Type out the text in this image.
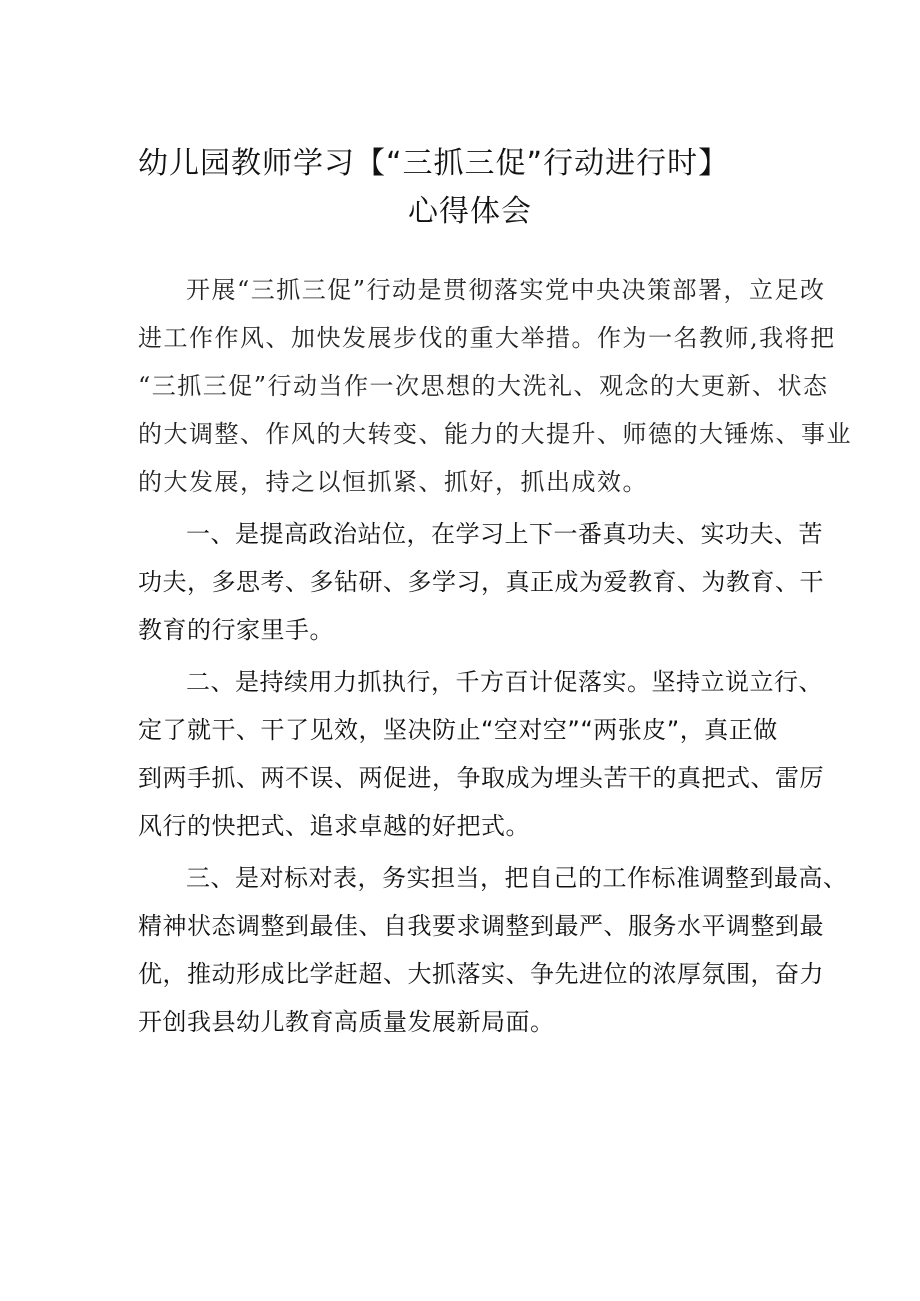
幼儿园教师学习【“三抓三促”行动进行时】
心得体会

开展“三抓三促”行动是贯彻落实党中央决策部署，立足改
进工作作风、加快发展步伐的重大举措。作为一名教师,我将把
“三抓三促”行动当作一次思想的大洗礼、观念的大更新、状态
的大调整、作风的大转变、能力的大提升、师德的大锤炼、事业
的大发展，持之以恒抓紧、抓好，抓出成效。

一、是提高政治站位，在学习上下一番真功夫、实功夫、苦
功夫，多思考、多钻研、多学习，真正成为爱教育、为教育、干
教育的行家里手。

二、是持续用力抓执行，千方百计促落实。坚持立说立行、
定了就干、干了见效，坚决防止“空对空”“两张皮”，真正做
到两手抓、两不误、两促进，争取成为埋头苦干的真把式、雷厉
风行的快把式、追求卓越的好把式。

三、是对标对表，务实担当，把自己的工作标准调整到最高、
精神状态调整到最佳、自我要求调整到最严、服务水平调整到最
优，推动形成比学赶超、大抓落实、争先进位的浓厚氛围，奋力
开创我县幼儿教育高质量发展新局面。
